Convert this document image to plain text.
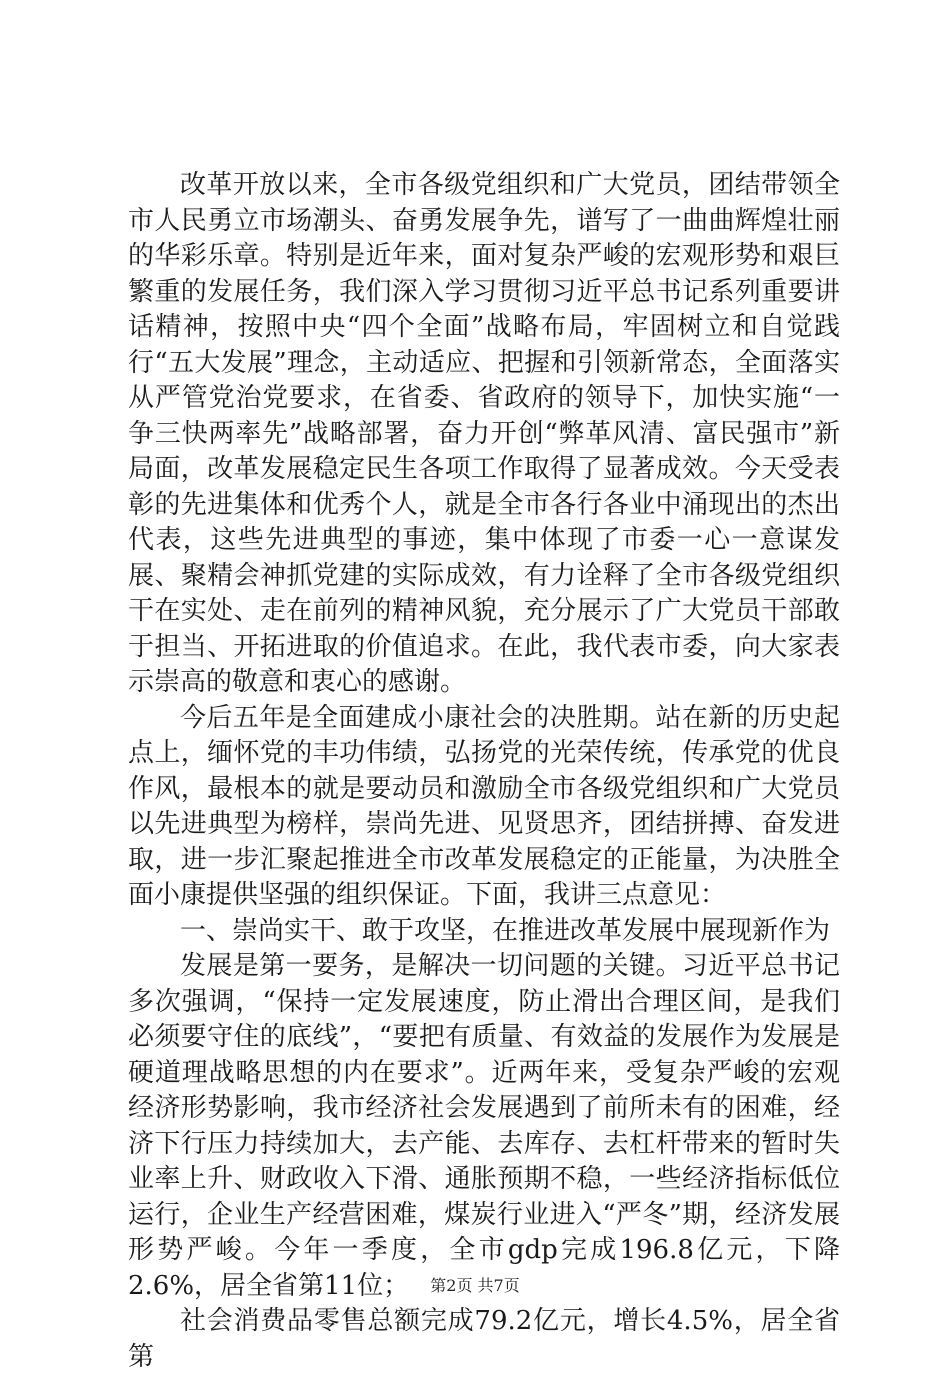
改革开放以来，全市各级党组织和广大党员，团结带领全市人民勇立市场潮头、奋勇发展争先，谱写了一曲曲辉煌壮丽的华彩乐章。特别是近年来，面对复杂严峻的宏观形势和艰巨繁重的发展任务，我们深入学习贯彻习近平总书记系列重要讲话精神，按照中央“四个全面”战略布局，牢固树立和自觉践行“五大发展”理念，主动适应、把握和引领新常态，全面落实从严管党治党要求，在省委、省政府的领导下，加快实施“一争三快两率先”战略部署，奋力开创“弊革风清、富民强市”新局面，改革发展稳定民生各项工作取得了显著成效。今天受表彰的先进集体和优秀个人，就是全市各行各业中涌现出的杰出代表，这些先进典型的事迹，集中体现了市委一心一意谋发展、聚精会神抓党建的实际成效，有力诠释了全市各级党组织干在实处、走在前列的精神风貌，充分展示了广大党员干部敢于担当、开拓进取的价值追求。在此，我代表市委，向大家表示崇高的敬意和衷心的感谢。

今后五年是全面建成小康社会的决胜期。站在新的历史起点上，缅怀党的丰功伟绩，弘扬党的光荣传统，传承党的优良作风，最根本的就是要动员和激励全市各级党组织和广大党员以先进典型为榜样，崇尚先进、见贤思齐，团结拼搏、奋发进取，进一步汇聚起推进全市改革发展稳定的正能量，为决胜全面小康提供坚强的组织保证。下面，我讲三点意见：

一、崇尚实干、敢于攻坚，在推进改革发展中展现新作为

发展是第一要务，是解决一切问题的关键。习近平总书记多次强调，“保持一定发展速度，防止滑出合理区间，是我们必须要守住的底线”，“要把有质量、有效益的发展作为发展是硬道理战略思想的内在要求”。近两年来，受复杂严峻的宏观经济形势影响，我市经济社会发展遇到了前所未有的困难，经济下行压力持续加大，去产能、去库存、去杠杆带来的暂时失业率上升、财政收入下滑、通胀预期不稳，一些经济指标低位运行，企业生产经营困难，煤炭行业进入“严冬”期，经济发展形势严峻。今年一季度，全市gdp完成196.8亿元，下降2.6%，居全省第11位；

社会消费品零售总额完成79.2亿元，增长4.5%，居全省第

第2页 共7页
